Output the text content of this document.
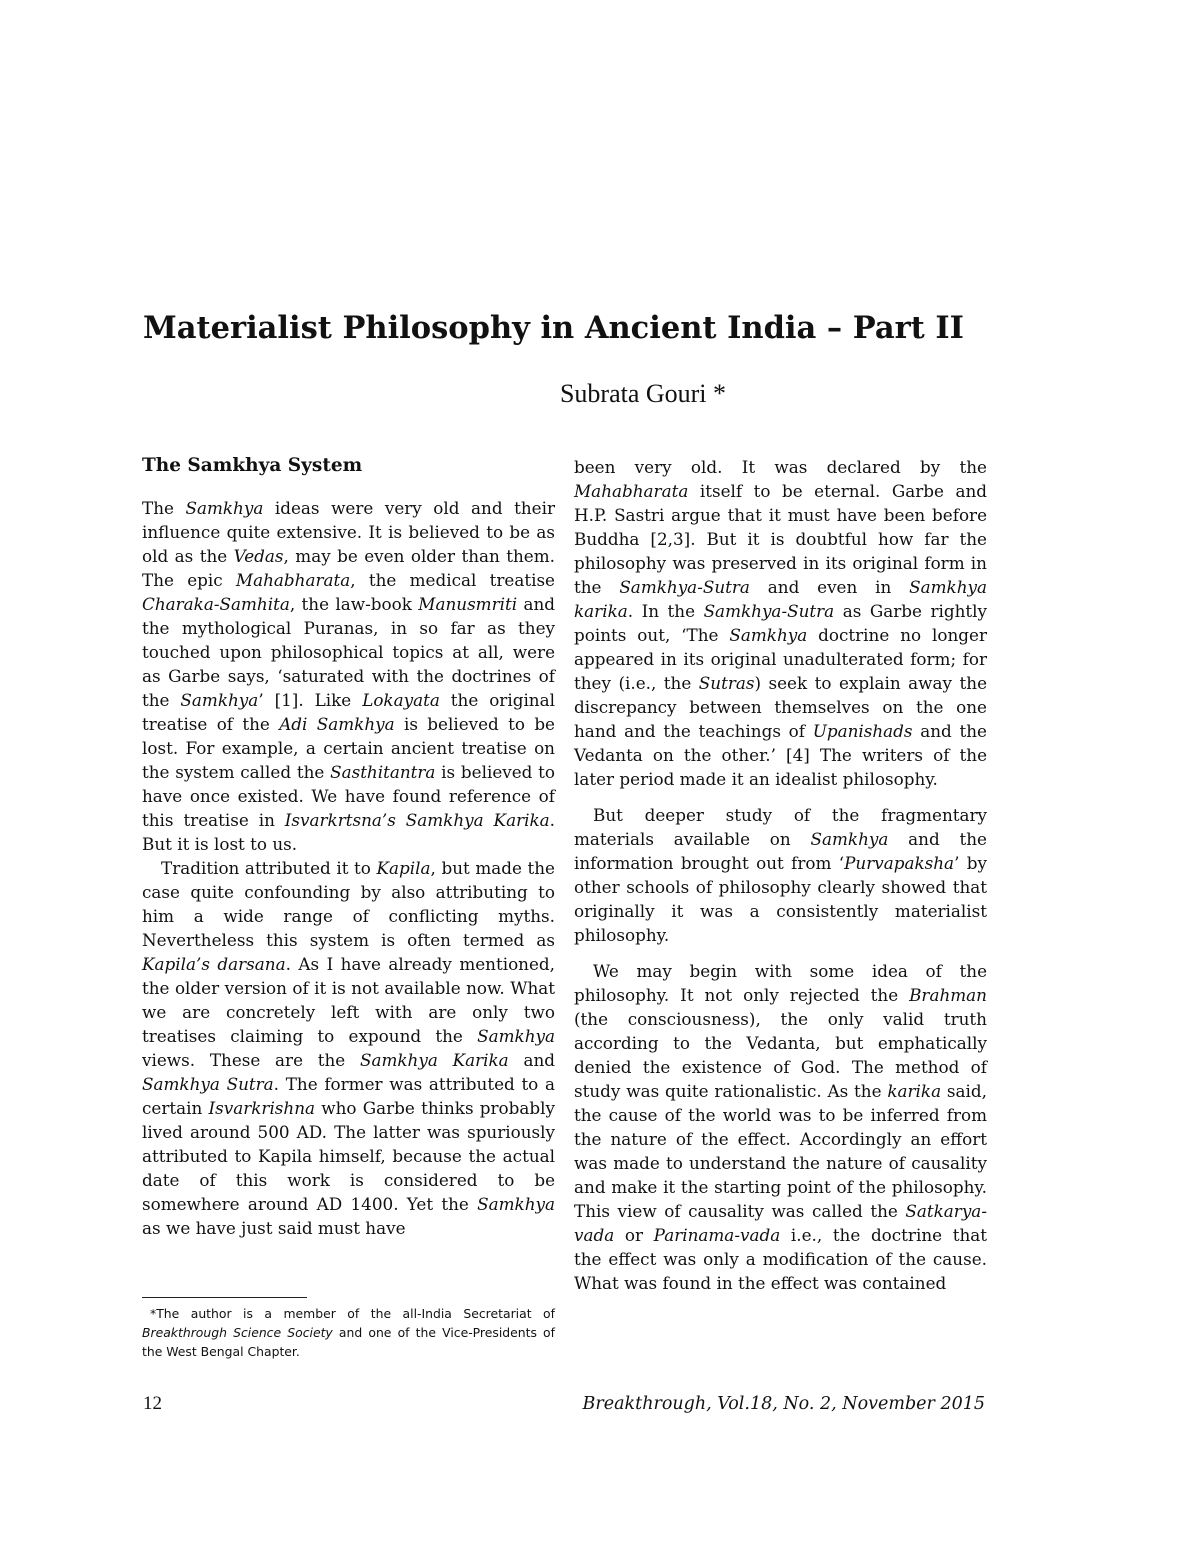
Materialist Philosophy in Ancient India – Part II
Subrata Gouri *
The Samkhya System

The Samkhya ideas were very old and their influence quite extensive. It is believed to be as old as the Vedas, may be even older than them. The epic Mahabharata, the medical treatise Charaka-Samhita, the law-book Manusmriti and the mythological Puranas, in so far as they touched upon philosophical topics at all, were as Garbe says, ‘saturated with the doctrines of the Samkhya’ [1]. Like Lokayata the original treatise of the Adi Samkhya is believed to be lost. For example, a certain ancient treatise on the system called the Sasthitantra is believed to have once existed. We have found reference of this treatise in Isvarkrtsna’s Samkhya Karika. But it is lost to us.

Tradition attributed it to Kapila, but made the case quite confounding by also attributing to him a wide range of conflicting myths. Nevertheless this system is often termed as Kapila’s darsana. As I have already mentioned, the older version of it is not available now. What we are concretely left with are only two treatises claiming to expound the Samkhya views. These are the Samkhya Karika and Samkhya Sutra. The former was attributed to a certain Isvarkrishna who Garbe thinks probably lived around 500 AD. The latter was spuriously attributed to Kapila himself, because the actual date of this work is considered to be somewhere around AD 1400. Yet the Samkhya as we have just said must have

been very old. It was declared by the Mahabharata itself to be eternal. Garbe and H.P. Sastri argue that it must have been before Buddha [2,3]. But it is doubtful how far the philosophy was preserved in its original form in the Samkhya-Sutra and even in Samkhya karika. In the Samkhya-Sutra as Garbe rightly points out, ‘The Samkhya doctrine no longer appeared in its original unadulterated form; for they (i.e., the Sutras) seek to explain away the discrepancy between themselves on the one hand and the teachings of Upanishads and the Vedanta on the other.’ [4] The writers of the later period made it an idealist philosophy.

But deeper study of the fragmentary materials available on Samkhya and the information brought out from ‘Purvapaksha’ by other schools of philosophy clearly showed that originally it was a consistently materialist philosophy.

We may begin with some idea of the philosophy. It not only rejected the Brahman (the consciousness), the only valid truth according to the Vedanta, but emphatically denied the existence of God. The method of study was quite rationalistic. As the karika said, the cause of the world was to be inferred from the nature of the effect. Accordingly an effort was made to understand the nature of causality and make it the starting point of the philosophy. This view of causality was called the Satkarya-vada or Parinama-vada i.e., the doctrine that the effect was only a modification of the cause. What was found in the effect was contained

*The author is a member of the all-India Secretariat of Breakthrough Science Society and one of the Vice-Presidents of the West Bengal Chapter.
12	Breakthrough, Vol.18, No. 2, November 2015
